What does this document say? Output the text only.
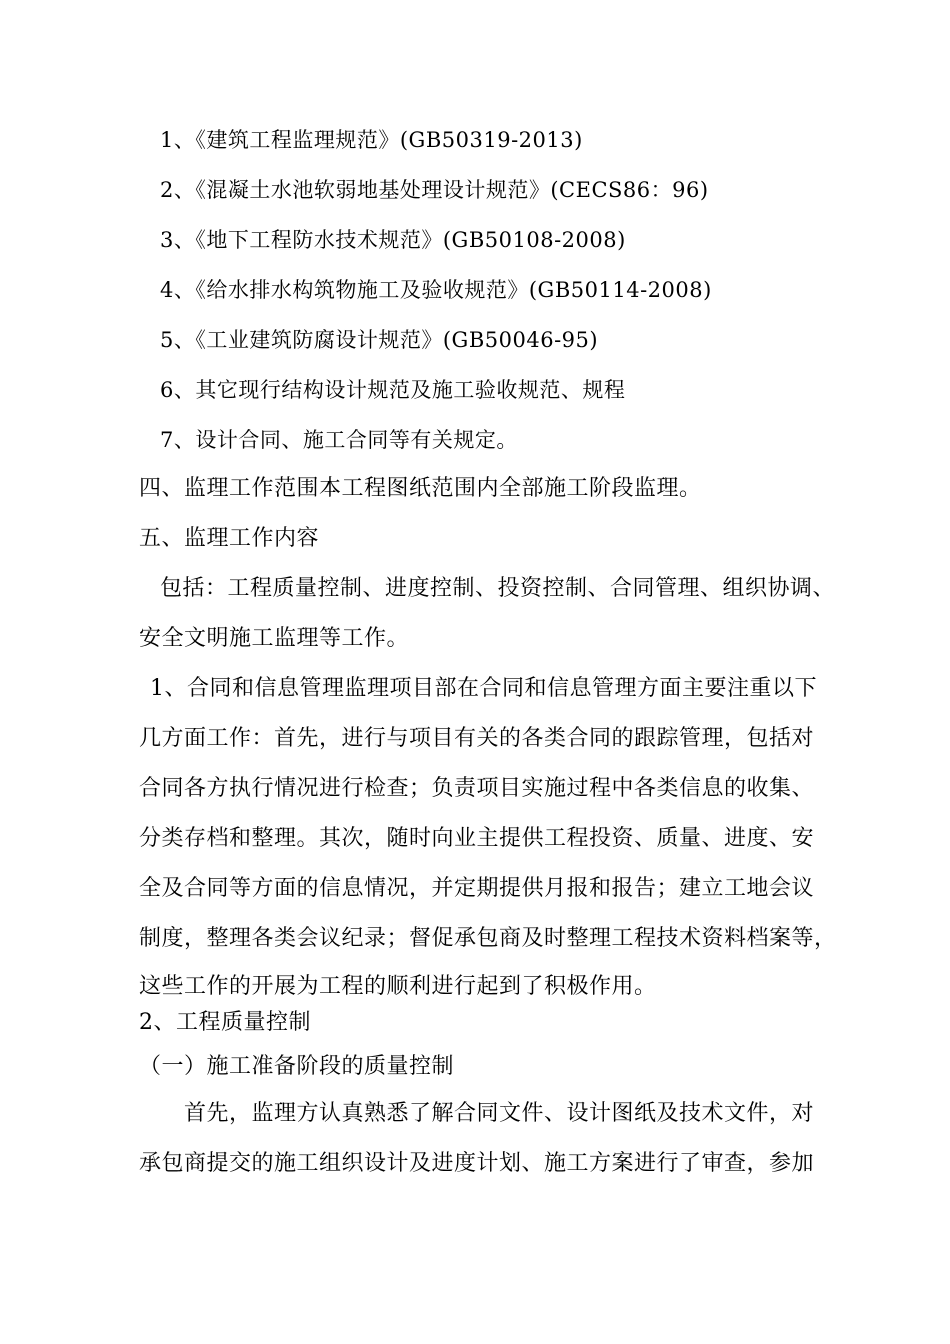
1、《建筑工程监理规范》(GB50319-2013)
2、《混凝土水池软弱地基处理设计规范》(CECS86：96)
3、《地下工程防水技术规范》(GB50108-2008)
4、《给水排水构筑物施工及验收规范》(GB50114-2008)
5、《工业建筑防腐设计规范》(GB50046-95)
6、其它现行结构设计规范及施工验收规范、规程
7、设计合同、施工合同等有关规定。
四、监理工作范围本工程图纸范围内全部施工阶段监理。
五、监理工作内容
包括：工程质量控制、进度控制、投资控制、合同管理、组织协调、
安全文明施工监理等工作。
1、合同和信息管理监理项目部在合同和信息管理方面主要注重以下
几方面工作：首先，进行与项目有关的各类合同的跟踪管理，包括对
合同各方执行情况进行检查；负责项目实施过程中各类信息的收集、
分类存档和整理。其次，随时向业主提供工程投资、质量、进度、安
全及合同等方面的信息情况，并定期提供月报和报告；建立工地会议
制度，整理各类会议纪录；督促承包商及时整理工程技术资料档案等，
这些工作的开展为工程的顺利进行起到了积极作用。
2、工程质量控制
（一）施工准备阶段的质量控制
首先，监理方认真熟悉了解合同文件、设计图纸及技术文件，对
承包商提交的施工组织设计及进度计划、施工方案进行了审查，参加
